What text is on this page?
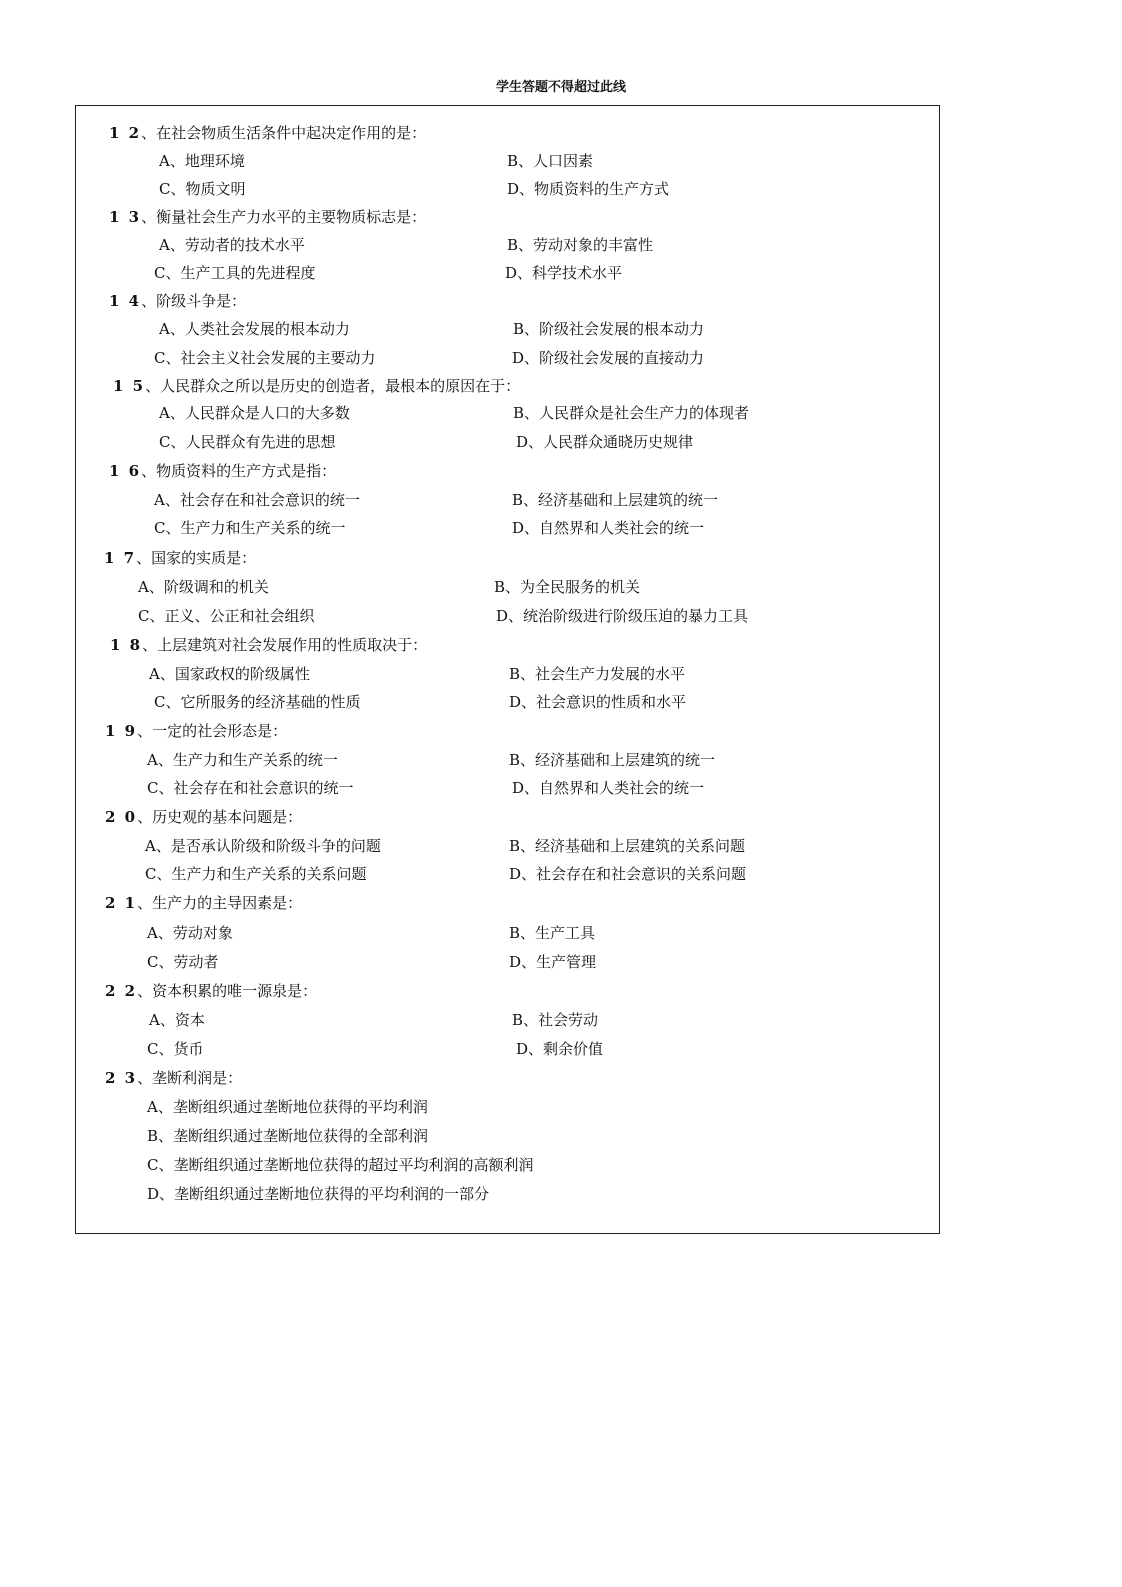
学生答题不得超过此线
1 2、在社会物质生活条件中起决定作用的是：
A、地理环境	B、人口因素
C、物质文明	D、物质资料的生产方式
1 3、衡量社会生产力水平的主要物质标志是：
A、劳动者的技术水平	B、劳动对象的丰富性
C、生产工具的先进程度	D、科学技术水平
1 4、阶级斗争是：
A、人类社会发展的根本动力	B、阶级社会发展的根本动力
C、社会主义社会发展的主要动力	D、阶级社会发展的直接动力
1 5、人民群众之所以是历史的创造者，最根本的原因在于：
A、人民群众是人口的大多数	B、人民群众是社会生产力的体现者
C、人民群众有先进的思想	D、人民群众通晓历史规律
1 6、物质资料的生产方式是指：
A、社会存在和社会意识的统一	B、经济基础和上层建筑的统一
C、生产力和生产关系的统一	D、自然界和人类社会的统一
1 7、国家的实质是：
A、阶级调和的机关	B、为全民服务的机关
C、正义、公正和社会组织	D、统治阶级进行阶级压迫的暴力工具
1 8、上层建筑对社会发展作用的性质取决于：
A、国家政权的阶级属性	B、社会生产力发展的水平
C、它所服务的经济基础的性质	D、社会意识的性质和水平
1 9、一定的社会形态是：
A、生产力和生产关系的统一	B、经济基础和上层建筑的统一
C、社会存在和社会意识的统一	D、自然界和人类社会的统一
2 0、历史观的基本问题是：
A、是否承认阶级和阶级斗争的问题	B、经济基础和上层建筑的关系问题
C、生产力和生产关系的关系问题	D、社会存在和社会意识的关系问题
2 1、生产力的主导因素是：
A、劳动对象	B、生产工具
C、劳动者	D、生产管理
2 2、资本积累的唯一源泉是：
A、资本	B、社会劳动
C、货币	D、剩余价值
2 3、垄断利润是：
A、垄断组织通过垄断地位获得的平均利润
B、垄断组织通过垄断地位获得的全部利润
C、垄断组织通过垄断地位获得的超过平均利润的高额利润
D、垄断组织通过垄断地位获得的平均利润的一部分
